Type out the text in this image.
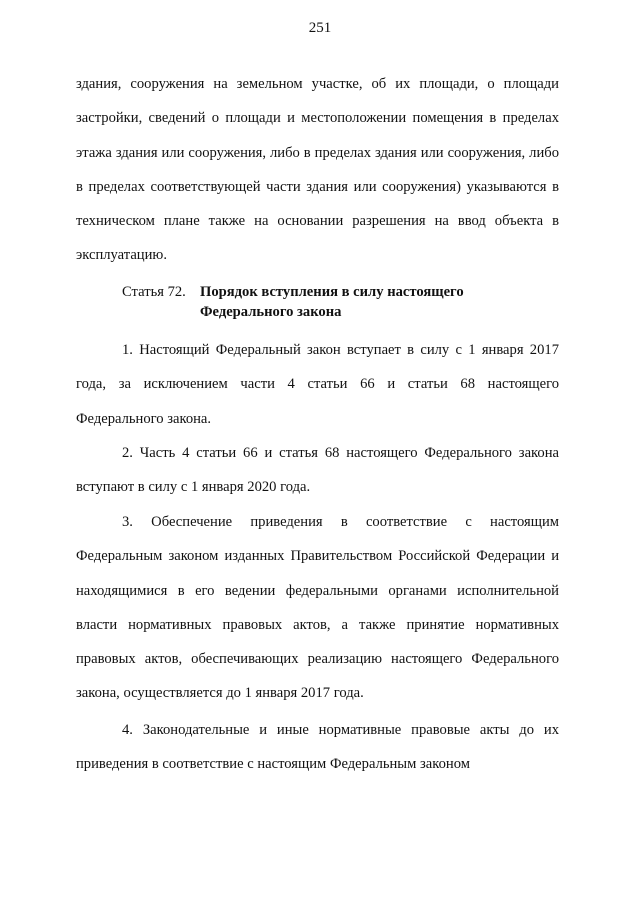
251

здания, сооружения на земельном участке, об их площади, о площади застройки, сведений о площади и местоположении помещения в пределах этажа здания или сооружения, либо в пределах здания или сооружения, либо в пределах соответствующей части здания или сооружения) указываются в техническом плане также на основании разрешения на ввод объекта в эксплуатацию.

Статья 72. Порядок вступления в силу настоящего Федерального закона

1. Настоящий Федеральный закон вступает в силу с 1 января 2017 года, за исключением части 4 статьи 66 и статьи 68 настоящего Федерального закона.

2. Часть 4 статьи 66 и статья 68 настоящего Федерального закона вступают в силу с 1 января 2020 года.

3. Обеспечение приведения в соответствие с настоящим Федеральным законом изданных Правительством Российской Федерации и находящимися в его ведении федеральными органами исполнительной власти нормативных правовых актов, а также принятие нормативных правовых актов, обеспечивающих реализацию настоящего Федерального закона, осуществляется до 1 января 2017 года.

4. Законодательные и иные нормативные правовые акты до их приведения в соответствие с настоящим Федеральным законом
